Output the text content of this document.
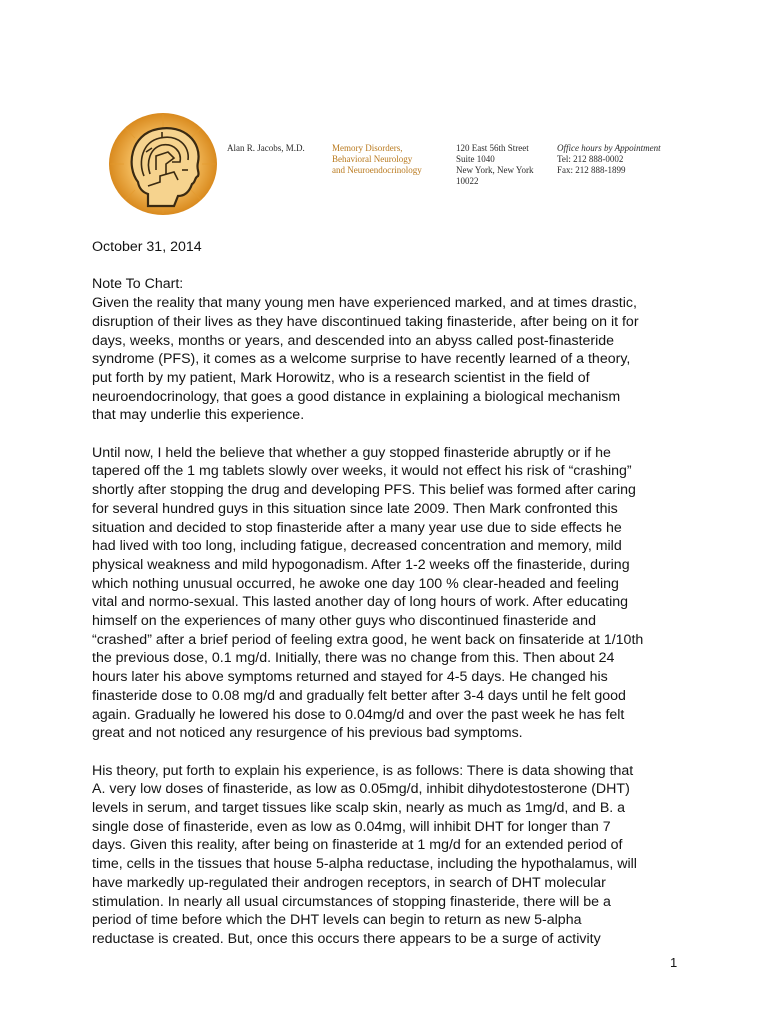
Alan R. Jacobs, M.D.	Memory Disorders,
Behavioral Neurology
and Neuroendocrinology
120 East 56th Street
Suite 1040
New York, New York
10022
Office hours by Appointment
Tel: 212 888-0002
Fax: 212 888-1899

October 31, 2014

Note To Chart:

Given the reality that many young men have experienced marked, and at times drastic,
disruption of their lives as they have discontinued taking finasteride, after being on it for
days, weeks, months or years, and descended into an abyss called post-finasteride
syndrome (PFS), it comes as a welcome surprise to have recently learned of a theory,
put forth by my patient, Mark Horowitz, who is a research scientist in the field of
neuroendocrinology, that goes a good distance in explaining a biological mechanism
that may underlie this experience.
Until now, I held the believe that whether a guy stopped finasteride abruptly or if he
tapered off the 1 mg tablets slowly over weeks, it would not effect his risk of “crashing”
shortly after stopping the drug and developing PFS. This belief was formed after caring
for several hundred guys in this situation since late 2009. Then Mark confronted this
situation and decided to stop finasteride after a many year use due to side effects he
had lived with too long, including fatigue, decreased concentration and memory, mild
physical weakness and mild hypogonadism. After 1-2 weeks off the finasteride, during
which nothing unusual occurred, he awoke one day 100 % clear-headed and feeling
vital and normo-sexual. This lasted another day of long hours of work. After educating
himself on the experiences of many other guys who discontinued finasteride and
“crashed” after a brief period of feeling extra good, he went back on finsateride at 1/10th
the previous dose, 0.1 mg/d. Initially, there was no change from this. Then about 24
hours later his above symptoms returned and stayed for 4-5 days. He changed his
finasteride dose to 0.08 mg/d and gradually felt better after 3-4 days until he felt good
again. Gradually he lowered his dose to 0.04mg/d and over the past week he has felt
great and not noticed any resurgence of his previous bad symptoms.
His theory, put forth to explain his experience, is as follows: There is data showing that
A. very low doses of finasteride, as low as 0.05mg/d, inhibit dihydotestosterone (DHT)
levels in serum, and target tissues like scalp skin, nearly as much as 1mg/d, and B. a
single dose of finasteride, even as low as 0.04mg, will inhibit DHT for longer than 7
days. Given this reality, after being on finasteride at 1 mg/d for an extended period of
time, cells in the tissues that house 5-alpha reductase, including the hypothalamus, will
have markedly up-regulated their androgen receptors, in search of DHT molecular
stimulation. In nearly all usual circumstances of stopping finasteride, there will be a
period of time before which the DHT levels can begin to return as new 5-alpha
reductase is created. But, once this occurs there appears to be a surge of activity
1
